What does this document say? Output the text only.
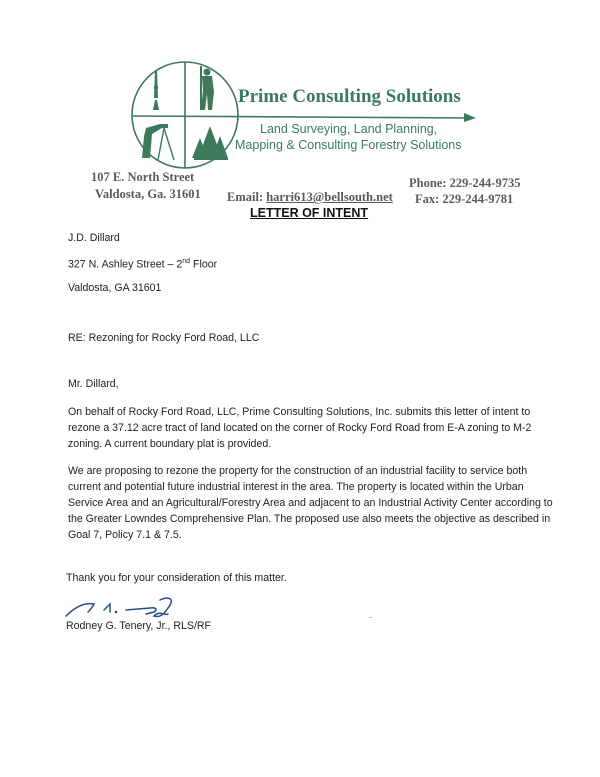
Prime Consulting Solutions
Land Surveying, Land Planning,
Mapping & Consulting Forestry Solutions
107 E. North Street
Valdosta, Ga. 31601 Email: harri613@bellsouth.net
Phone: 229-244-9735
Fax: 229-244-9781
LETTER OF INTENT
J.D. Dillard
327 N. Ashley Street – 2nd Floor
Valdosta, GA 31601
RE: Rezoning for Rocky Ford Road, LLC
Mr. Dillard,
On behalf of Rocky Ford Road, LLC, Prime Consulting Solutions, Inc. submits this letter of intent to
rezone a 37.12 acre tract of land located on the corner of Rocky Ford Road from E-A zoning to M-2
zoning. A current boundary plat is provided.
We are proposing to rezone the property for the construction of an industrial facility to service both
current and potential future industrial interest in the area. The property is located within the Urban
Service Area and an Agricultural/Forestry Area and adjacent to an Industrial Activity Center according to
the Greater Lowndes Comprehensive Plan. The proposed use also meets the objective as described in
Goal 7, Policy 7.1 & 7.5.
Thank you for your consideration of this matter.
Rodney G. Tenery, Jr., RLS/RF
